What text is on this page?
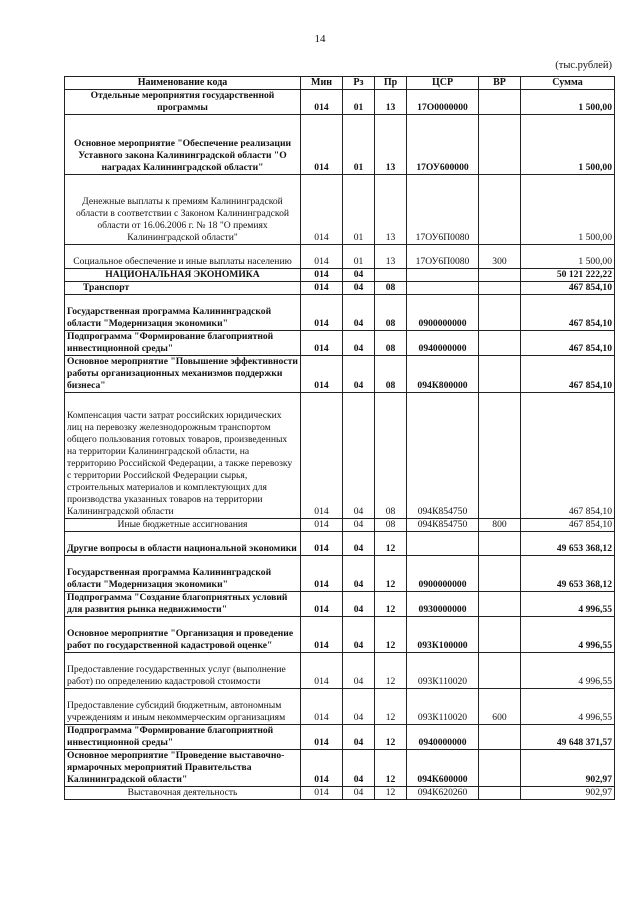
14
(тыс.рублей)
Наименование кода	Мин	Рз	Пр	ЦСР	ВР	Сумма
Отдельные мероприятия государственной программы	014	01	13	17О0000000		1 500,00
Основное мероприятие "Обеспечение реализации Уставного закона Калининградской области "О наградах Калининградской области"	014	01	13	17ОУ600000		1 500,00
Денежные выплаты к премиям Калининградской области в соответствии с Законом Калининградской области от 16.06.2006 г. № 18 "О премиях Калининградской области"	014	01	13	17ОУ6П0080		1 500,00
Социальное обеспечение и иные выплаты населению	014	01	13	17ОУ6П0080	300	1 500,00
НАЦИОНАЛЬНАЯ ЭКОНОМИКА	014	04				50 121 222,22
Транспорт	014	04	08			467 854,10
Государственная программа Калининградской области "Модернизация экономики"	014	04	08	0900000000		467 854,10
Подпрограмма "Формирование благоприятной инвестиционной среды"	014	04	08	0940000000		467 854,10
Основное мероприятие "Повышение эффективности работы организационных механизмов поддержки бизнеса"	014	04	08	094К800000		467 854,10
Компенсация части затрат российских юридических лиц на перевозку железнодорожным транспортом общего пользования готовых товаров, произведенных на территории Калининградской области, на территорию Российской Федерации, а также перевозку с территории Российской Федерации сырья, строительных материалов и комплектующих для производства указанных товаров на территории Калининградской области	014	04	08	094К854750		467 854,10
Иные бюджетные ассигнования	014	04	08	094К854750	800	467 854,10
Другие вопросы в области национальной экономики	014	04	12			49 653 368,12
Государственная программа Калининградской области "Модернизация экономики"	014	04	12	0900000000		49 653 368,12
Подпрограмма "Создание благоприятных условий для развития рынка недвижимости"	014	04	12	0930000000		4 996,55
Основное мероприятие "Организация и проведение работ по государственной кадастровой оценке"	014	04	12	093К100000		4 996,55
Предоставление государственных услуг (выполнение работ) по определению кадастровой стоимости	014	04	12	093К110020		4 996,55
Предоставление субсидий бюджетным, автономным учреждениям и иным некоммерческим организациям	014	04	12	093К110020	600	4 996,55
Подпрограмма "Формирование благоприятной инвестиционной среды"	014	04	12	0940000000		49 648 371,57
Основное мероприятие "Проведение выставочно-ярмарочных мероприятий Правительства Калининградской области"	014	04	12	094К600000		902,97
Выставочная деятельность	014	04	12	094К620260		902,97
